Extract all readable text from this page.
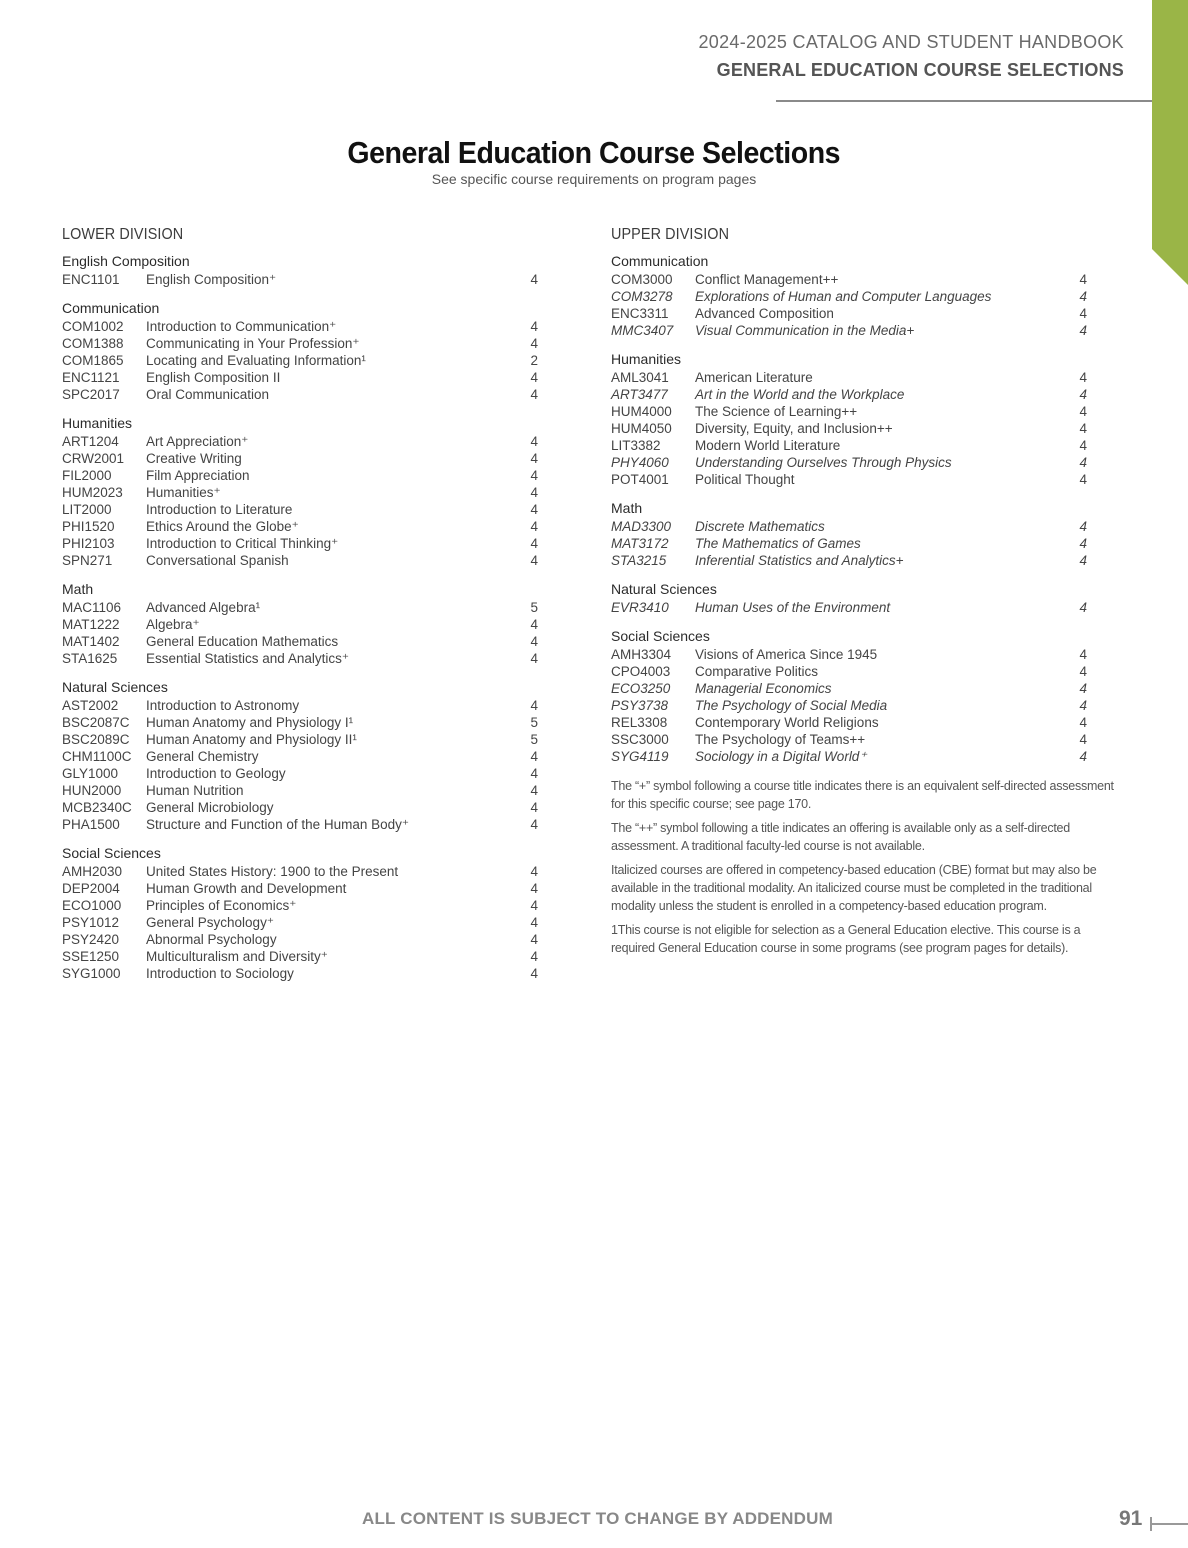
2024-2025 CATALOG AND STUDENT HANDBOOK
GENERAL EDUCATION COURSE SELECTIONS
General Education Course Selections
See specific course requirements on program pages
LOWER DIVISION
English Composition
ENC1101	English Composition⁺	4
Communication
COM1002	Introduction to Communication⁺	4
COM1388	Communicating in Your Profession⁺	4
COM1865	Locating and Evaluating Information¹	2
ENC1121	English Composition II	4
SPC2017	Oral Communication	4
Humanities
ART1204	Art Appreciation⁺	4
CRW2001	Creative Writing	4
FIL2000	Film Appreciation	4
HUM2023	Humanities⁺	4
LIT2000	Introduction to Literature	4
PHI1520	Ethics Around the Globe⁺	4
PHI2103	Introduction to Critical Thinking⁺	4
SPN271	Conversational Spanish	4
Math
MAC1106	Advanced Algebra¹	5
MAT1222	Algebra⁺	4
MAT1402	General Education Mathematics	4
STA1625	Essential Statistics and Analytics⁺	4
Natural Sciences
AST2002	Introduction to Astronomy	4
BSC2087C	Human Anatomy and Physiology I¹	5
BSC2089C	Human Anatomy and Physiology II¹	5
CHM1100C	General Chemistry	4
GLY1000	Introduction to Geology	4
HUN2000	Human Nutrition	4
MCB2340C	General Microbiology	4
PHA1500	Structure and Function of the Human Body⁺	4
Social Sciences
AMH2030	United States History: 1900 to the Present	4
DEP2004	Human Growth and Development	4
ECO1000	Principles of Economics⁺	4
PSY1012	General Psychology⁺	4
PSY2420	Abnormal Psychology	4
SSE1250	Multiculturalism and Diversity⁺	4
SYG1000	Introduction to Sociology	4
UPPER DIVISION
Communication
COM3000	Conflict Management++	4
COM3278	Explorations of Human and Computer Languages	4
ENC3311	Advanced Composition	4
MMC3407	Visual Communication in the Media+	4
Humanities
AML3041	American Literature	4
ART3477	Art in the World and the Workplace	4
HUM4000	The Science of Learning++	4
HUM4050	Diversity, Equity, and Inclusion++	4
LIT3382	Modern World Literature	4
PHY4060	Understanding Ourselves Through Physics	4
POT4001	Political Thought	4
Math
MAD3300	Discrete Mathematics	4
MAT3172	The Mathematics of Games	4
STA3215	Inferential Statistics and Analytics+	4
Natural Sciences
EVR3410	Human Uses of the Environment	4
Social Sciences
AMH3304	Visions of America Since 1945	4
CPO4003	Comparative Politics	4
ECO3250	Managerial Economics	4
PSY3738	The Psychology of Social Media	4
REL3308	Contemporary World Religions	4
SSC3000	The Psychology of Teams++	4
SYG4119	Sociology in a Digital World⁺	4

The “+” symbol following a course title indicates there is an equivalent self-directed assessment for this specific course; see page 170.

The “++” symbol following a title indicates an offering is available only as a self-directed assessment. A traditional faculty-led course is not available.

Italicized courses are offered in competency-based education (CBE) format but may also be available in the traditional modality. An italicized course must be completed in the traditional modality unless the student is enrolled in a competency-based education program.

1This course is not eligible for selection as a General Education elective. This course is a required General Education course in some programs (see program pages for details).

ALL CONTENT IS SUBJECT TO CHANGE BY ADDENDUM	91
